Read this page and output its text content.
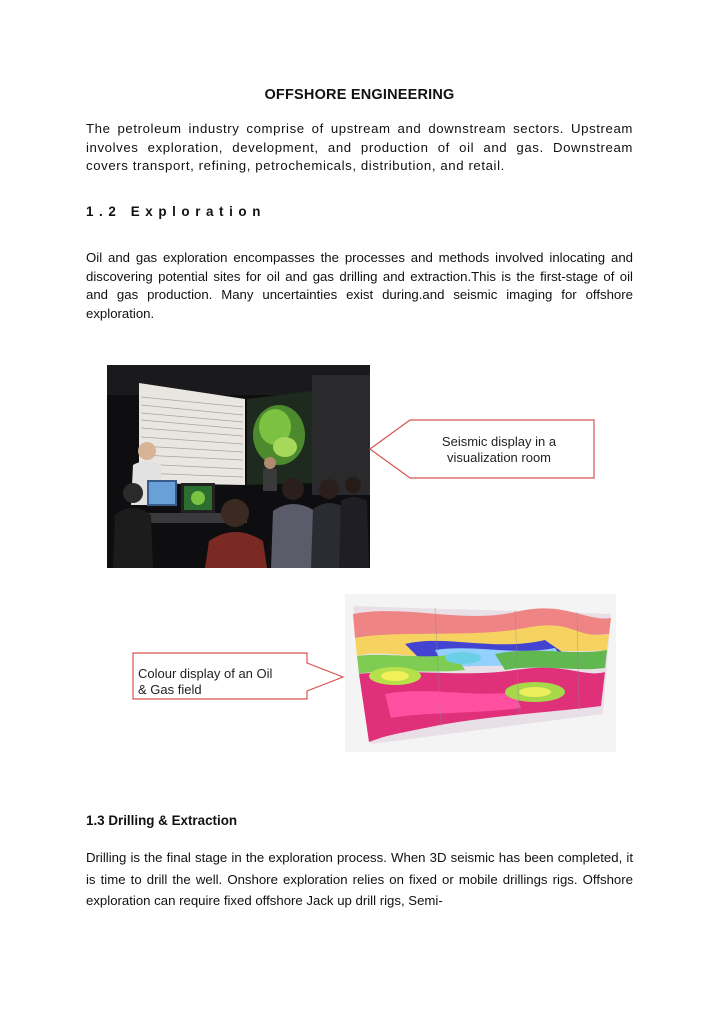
OFFSHORE ENGINEERING

The petroleum industry comprise of upstream and downstream sectors. Upstream involves exploration, development, and production of oil and gas. Downstream covers transport, refining, petrochemicals, distribution, and retail.

1.2 Exploration

Oil and gas exploration encompasses the processes and methods involved inlocating and discovering potential sites for oil and gas drilling and extraction.This is the first-stage of oil and gas production. Many uncertainties exist during.and seismic imaging for offshore exploration.

Seismic display in a visualization room
Colour display of an Oil & Gas field
1.3 Drilling & Extraction

Drilling is the final stage in the exploration process. When 3D seismic has been completed, it is time to drill the well. Onshore exploration relies on fixed or mobile drillings rigs. Offshore exploration can require fixed offshore Jack up drill rigs, Semi-
